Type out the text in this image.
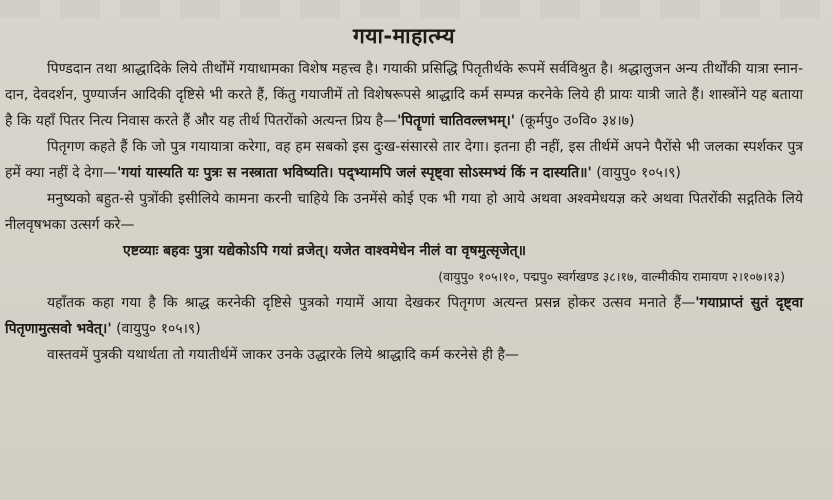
गया-माहात्म्य

पिण्डदान तथा श्राद्धादिके लिये तीर्थोंमें गयाधामका विशेष महत्त्व है। गयाकी प्रसिद्धि पितृतीर्थके रूपमें सर्वविश्रुत है। श्रद्धालुजन अन्य तीर्थोंकी यात्रा स्नान-दान, देवदर्शन, पुण्यार्जन आदिकी दृष्टिसे भी करते हैं, किंतु गयाजीमें तो विशेषरूपसे श्राद्धादि कर्म सम्पन्न करनेके लिये ही प्रायः यात्री जाते हैं। शास्त्रोंने यह बताया है कि यहाँ पितर नित्य निवास करते हैं और यह तीर्थ पितरोंको अत्यन्त प्रिय है—'पितॄणां चातिवल्लभम्।' (कूर्मपु० उ०वि० ३४।७)

पितृगण कहते हैं कि जो पुत्र गयायात्रा करेगा, वह हम सबको इस दुःख-संसारसे तार देगा। इतना ही नहीं, इस तीर्थमें अपने पैरोंसे भी जलका स्पर्शकर पुत्र हमें क्या नहीं दे देगा—'गयां यास्यति यः पुत्रः स नस्त्राता भविष्यति। पद्भ्यामपि जलं स्पृष्ट्वा सोऽस्मभ्यं किं न दास्यति॥' (वायुपु० १०५।९)

मनुष्यको बहुत-से पुत्रोंकी इसीलिये कामना करनी चाहिये कि उनमेंसे कोई एक भी गया हो आये अथवा अश्वमेधयज्ञ करे अथवा पितरोंकी सद्गतिके लिये नीलवृषभका उत्सर्ग करे—

एष्टव्याः बहवः पुत्रा यद्येकोऽपि गयां व्रजेत्। यजेत वाश्वमेधेन नीलं वा वृषमुत्सृजेत्॥

(वायुपु० १०५।१०, पद्मपु० स्वर्गखण्ड ३८।१७, वाल्मीकीय रामायण २।१०७।१३)

यहाँतक कहा गया है कि श्राद्ध करनेकी दृष्टिसे पुत्रको गयामें आया देखकर पितृगण अत्यन्त प्रसन्न होकर उत्सव मनाते हैं—'गयाप्राप्तं सुतं दृष्ट्वा पितृणामुत्सवो भवेत्।' (वायुपु० १०५।९)

वास्तवमें पुत्रकी यथार्थता तो गयातीर्थमें जाकर उनके उद्धारके लिये श्राद्धादि कर्म करनेसे ही है—
